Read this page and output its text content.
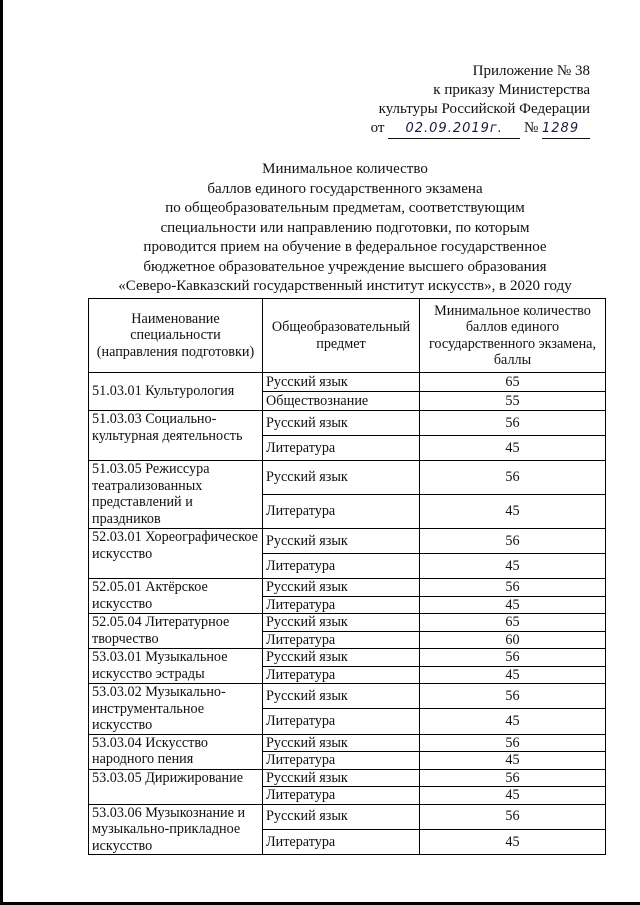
Приложение № 38
к приказу Министерства
культуры Российской Федерации
от 02.09.2019г. № 1289
Минимальное количество
баллов единого государственного экзамена
по общеобразовательным предметам, соответствующим
специальности или направлению подготовки, по которым
проводится прием на обучение в федеральное государственное
бюджетное образовательное учреждение высшего образования
«Северо-Кавказский государственный институт искусств», в 2020 году
Наименование специальности (направления подготовки)	Общеобразовательный предмет	Минимальное количество баллов единого государственного экзамена, баллы
51.03.01 Культурология	Русский язык	65
	Обществознание	55
51.03.03 Социально-культурная деятельность	Русский язык	56
	Литература	45
51.03.05 Режиссура театрализованных представлений и праздников	Русский язык	56
	Литература	45
52.03.01 Хореографическое искусство	Русский язык	56
	Литература	45
52.05.01 Актёрское искусство	Русский язык	56
	Литература	45
52.05.04 Литературное творчество	Русский язык	65
	Литература	60
53.03.01 Музыкальное искусство эстрады	Русский язык	56
	Литература	45
53.03.02 Музыкально-инструментальное искусство	Русский язык	56
	Литература	45
53.03.04 Искусство народного пения	Русский язык	56
	Литература	45
53.03.05 Дирижирование	Русский язык	56
	Литература	45
53.03.06 Музыкознание и музыкально-прикладное искусство	Русский язык	56
	Литература	45
